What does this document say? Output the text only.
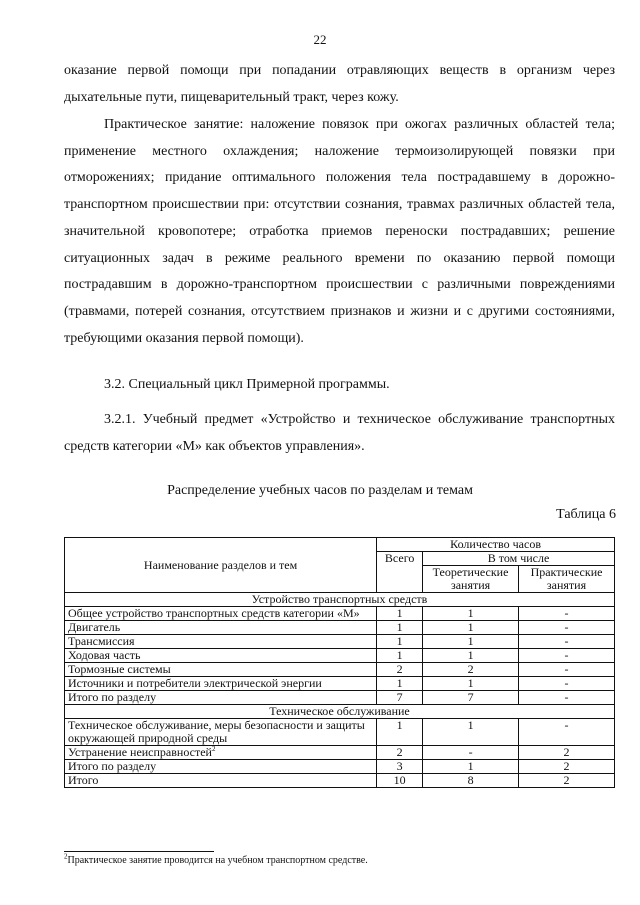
22

оказание первой помощи при попадании отравляющих веществ в организм через дыхательные пути, пищеварительный тракт, через кожу.

Практическое занятие: наложение повязок при ожогах различных областей тела; применение местного охлаждения; наложение термоизолирующей повязки при отморожениях; придание оптимального положения тела пострадавшему в дорожно-транспортном происшествии при: отсутствии сознания, травмах различных областей тела, значительной кровопотере; отработка приемов переноски пострадавших; решение ситуационных задач в режиме реального времени по оказанию первой помощи пострадавшим в дорожно-транспортном происшествии с различными повреждениями (травмами, потерей сознания, отсутствием признаков и жизни и с другими состояниями, требующими оказания первой помощи).

3.2. Специальный цикл Примерной программы.

3.2.1. Учебный предмет «Устройство и техническое обслуживание транспортных средств категории «М» как объектов управления».

Распределение учебных часов по разделам и темам

Таблица 6

Наименование разделов и тем	Количество часов		
	Всего	В том числе	
		Теоретические занятия	Практические занятия
Устройство транспортных средств			
Общее устройство транспортных средств категории «М»	1	1	-
Двигатель	1	1	-
Трансмиссия	1	1	-
Ходовая часть	1	1	-
Тормозные системы	2	2	-
Источники и потребители электрической энергии	1	1	-
Итого по разделу	7	7	-
Техническое обслуживание			
Техническое обслуживание, меры безопасности и защиты окружающей природной среды	1	1	-
Устранение неисправностей$^2$	2	-	2
Итого по разделу	3	1	2
Итого	10	8	2
$^2$Практическое занятие проводится на учебном транспортном средстве.
